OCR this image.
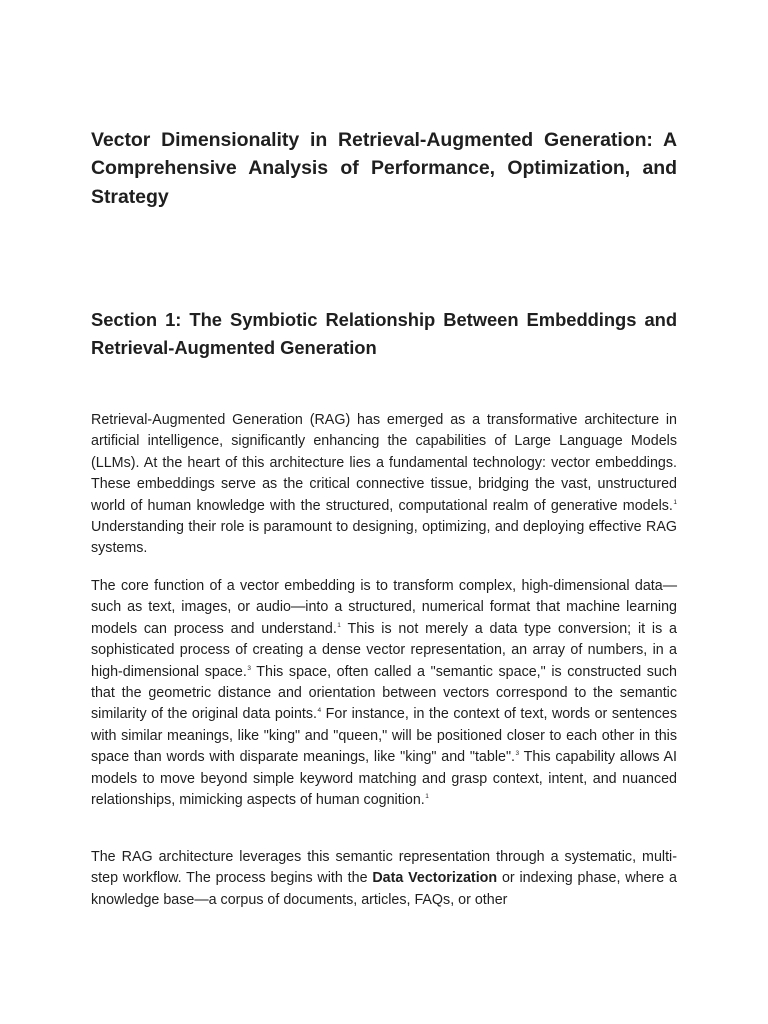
Vector Dimensionality in Retrieval-Augmented Generation: A Comprehensive Analysis of Performance, Optimization, and Strategy
Section 1: The Symbiotic Relationship Between Embeddings and Retrieval-Augmented Generation

Retrieval-Augmented Generation (RAG) has emerged as a transformative architecture in artificial intelligence, significantly enhancing the capabilities of Large Language Models (LLMs). At the heart of this architecture lies a fundamental technology: vector embeddings. These embeddings serve as the critical connective tissue, bridging the vast, unstructured world of human knowledge with the structured, computational realm of generative models.$^1$ Understanding their role is paramount to designing, optimizing, and deploying effective RAG systems.

The core function of a vector embedding is to transform complex, high-dimensional data—such as text, images, or audio—into a structured, numerical format that machine learning models can process and understand.$^1$ This is not merely a data type conversion; it is a sophisticated process of creating a dense vector representation, an array of numbers, in a high-dimensional space.$^3$ This space, often called a "semantic space," is constructed such that the geometric distance and orientation between vectors correspond to the semantic similarity of the original data points.$^4$ For instance, in the context of text, words or sentences with similar meanings, like "king" and "queen," will be positioned closer to each other in this space than words with disparate meanings, like "king" and "table".$^3$ This capability allows AI models to move beyond simple keyword matching and grasp context, intent, and nuanced relationships, mimicking aspects of human cognition.$^1$

The RAG architecture leverages this semantic representation through a systematic, multi-step workflow. The process begins with the Data Vectorization or indexing phase, where a knowledge base—a corpus of documents, articles, FAQs, or other
